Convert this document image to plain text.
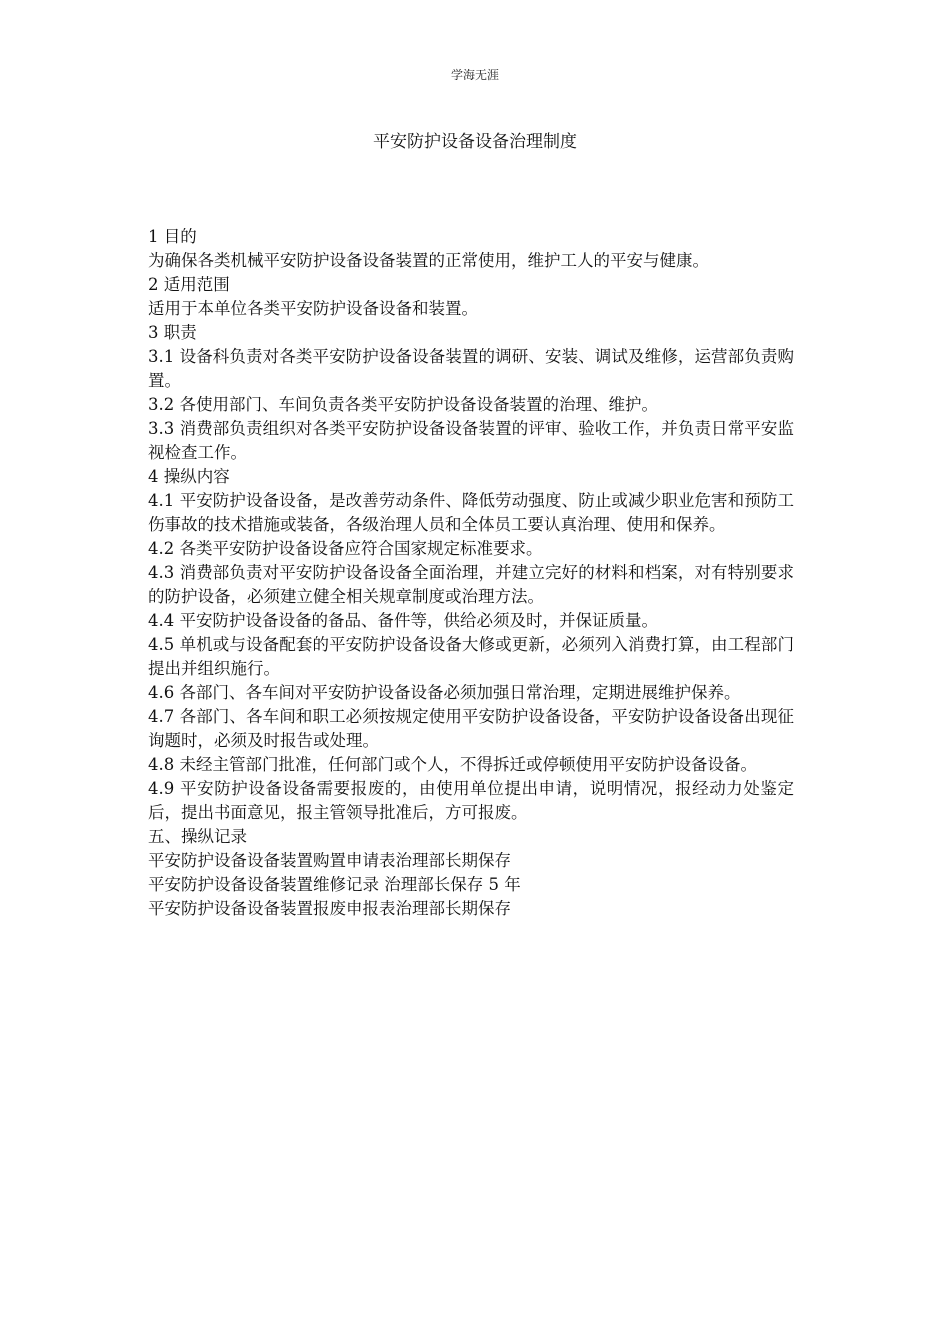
学海无涯
平安防护设备设备治理制度

1 目的

为确保各类机械平安防护设备设备装置的正常使用，维护工人的平安与健康。

2 适用范围

适用于本单位各类平安防护设备设备和装置。

3 职责

3.1 设备科负责对各类平安防护设备设备装置的调研、安装、调试及维修，运营部负责购置。

3.2 各使用部门、车间负责各类平安防护设备设备装置的治理、维护。

3.3 消费部负责组织对各类平安防护设备设备装置的评审、验收工作，并负责日常平安监视检查工作。

4 操纵内容

4.1 平安防护设备设备，是改善劳动条件、降低劳动强度、防止或减少职业危害和预防工伤事故的技术措施或装备，各级治理人员和全体员工要认真治理、使用和保养。

4.2 各类平安防护设备设备应符合国家规定标准要求。

4.3 消费部负责对平安防护设备设备全面治理，并建立完好的材料和档案，对有特别要求的防护设备，必须建立健全相关规章制度或治理方法。

4.4 平安防护设备设备的备品、备件等，供给必须及时，并保证质量。

4.5 单机或与设备配套的平安防护设备设备大修或更新，必须列入消费打算，由工程部门提出并组织施行。

4.6 各部门、各车间对平安防护设备设备必须加强日常治理，定期进展维护保养。

4.7 各部门、各车间和职工必须按规定使用平安防护设备设备，平安防护设备设备出现征询题时，必须及时报告或处理。

4.8 未经主管部门批准，任何部门或个人，不得拆迁或停顿使用平安防护设备设备。

4.9 平安防护设备设备需要报废的，由使用单位提出申请，说明情况，报经动力处鉴定后，提出书面意见，报主管领导批准后，方可报废。

五、操纵记录

平安防护设备设备装置购置申请表治理部长期保存

平安防护设备设备装置维修记录 治理部长保存 5 年

平安防护设备设备装置报废申报表治理部长期保存
